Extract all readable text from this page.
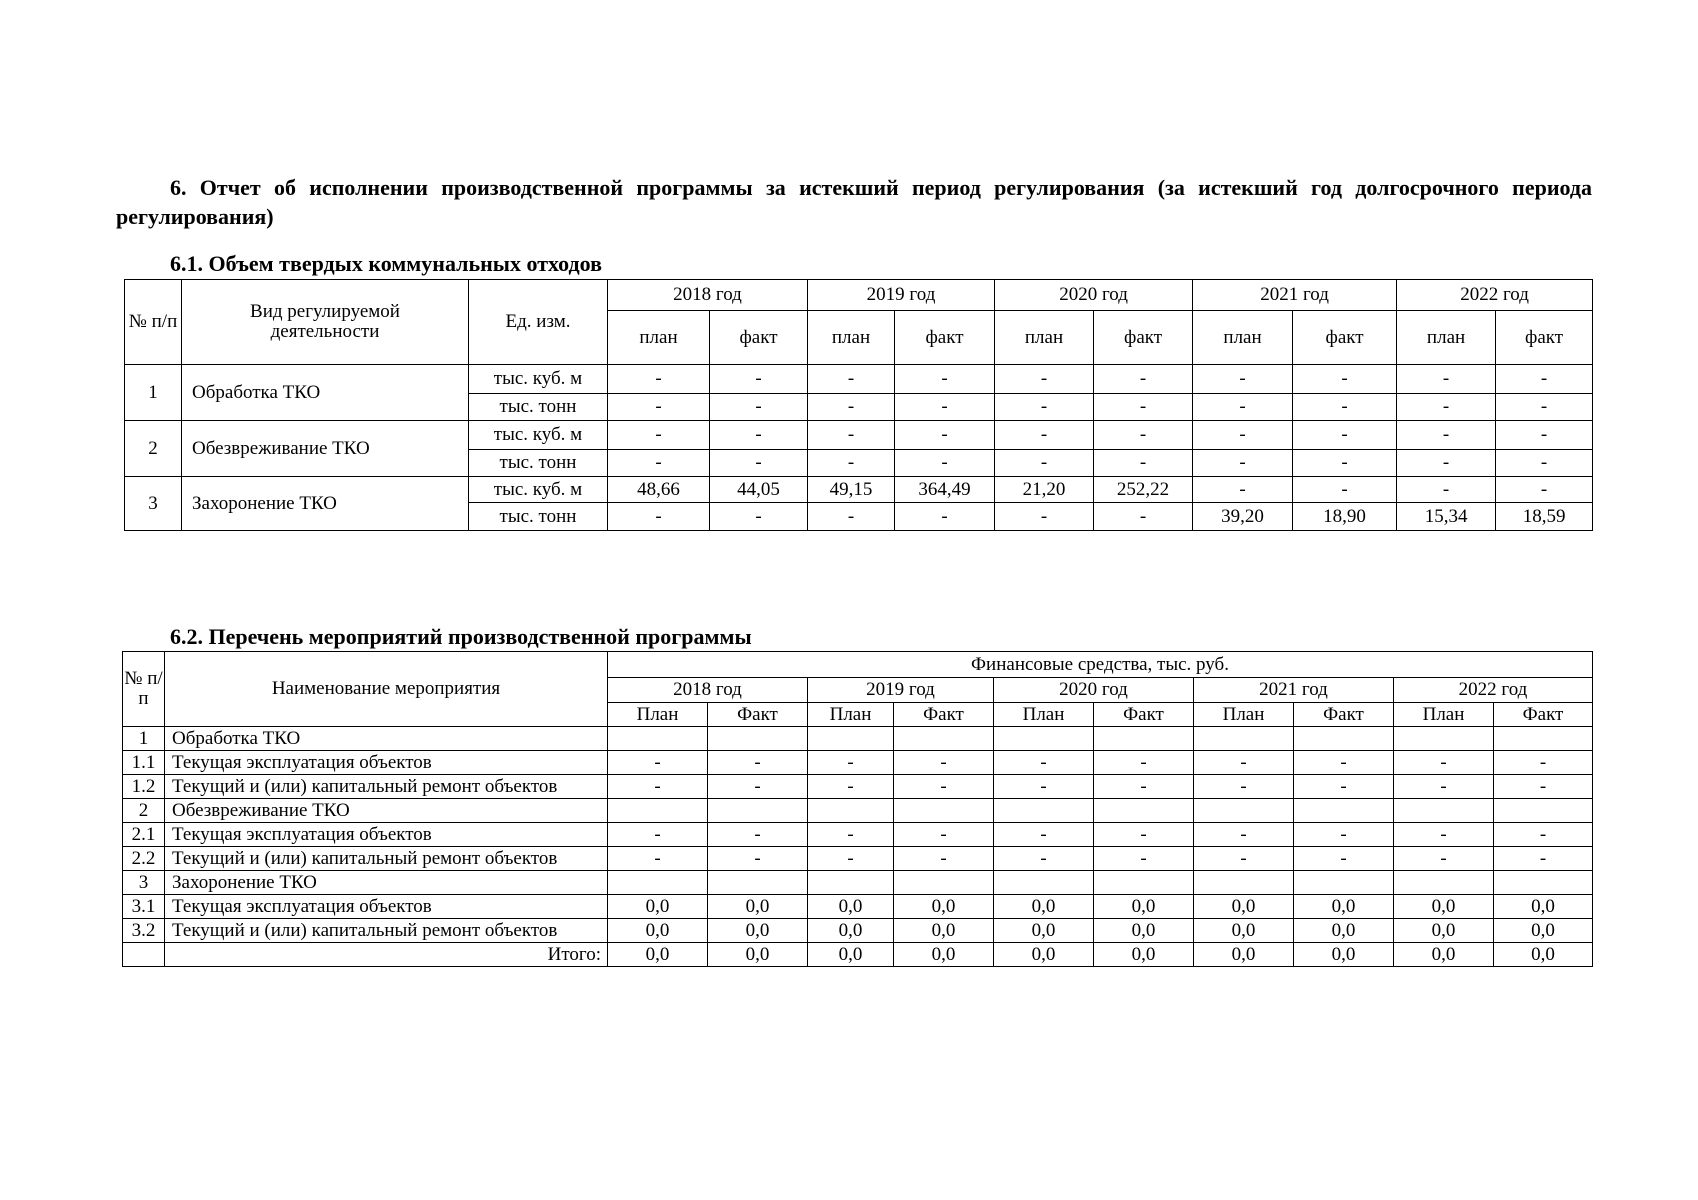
6. Отчет об исполнении производственной программы за истекший период регулирования (за истекший год долгосрочного периода регулирования)
6.1. Объем твердых коммунальных отходов
№ п/п	Вид регулируемой деятельности	Ед. изм.	2018 год		2019 год		2020 год		2021 год		2022 год	
			план	факт	план	факт	план	факт	план	факт	план	факт
1	Обработка ТКО	тыс. куб. м	-	-	-	-	-	-	-	-	-	-
		тыс. тонн	-	-	-	-	-	-	-	-	-	-
2	Обезвреживание ТКО	тыс. куб. м	-	-	-	-	-	-	-	-	-	-
		тыс. тонн	-	-	-	-	-	-	-	-	-	-
3	Захоронение ТКО	тыс. куб. м	48,66	44,05	49,15	364,49	21,20	252,22	-	-	-	-
		тыс. тонн	-	-	-	-	-	-	39,20	18,90	15,34	18,59
6.2. Перечень мероприятий производственной программы
№ п/п	Наименование мероприятия	Финансовые средства, тыс. руб.									
		2018 год		2019 год		2020 год		2021 год		2022 год	
		План	Факт	План	Факт	План	Факт	План	Факт	План	Факт
1	Обработка ТКО										
1.1	Текущая эксплуатация объектов	-	-	-	-	-	-	-	-	-	-
1.2	Текущий и (или) капитальный ремонт объектов	-	-	-	-	-	-	-	-	-	-
2	Обезвреживание ТКО										
2.1	Текущая эксплуатация объектов	-	-	-	-	-	-	-	-	-	-
2.2	Текущий и (или) капитальный ремонт объектов	-	-	-	-	-	-	-	-	-	-
3	Захоронение ТКО										
3.1	Текущая эксплуатация объектов	0,0	0,0	0,0	0,0	0,0	0,0	0,0	0,0	0,0	0,0
3.2	Текущий и (или) капитальный ремонт объектов	0,0	0,0	0,0	0,0	0,0	0,0	0,0	0,0	0,0	0,0
	Итого:	0,0	0,0	0,0	0,0	0,0	0,0	0,0	0,0	0,0	0,0
